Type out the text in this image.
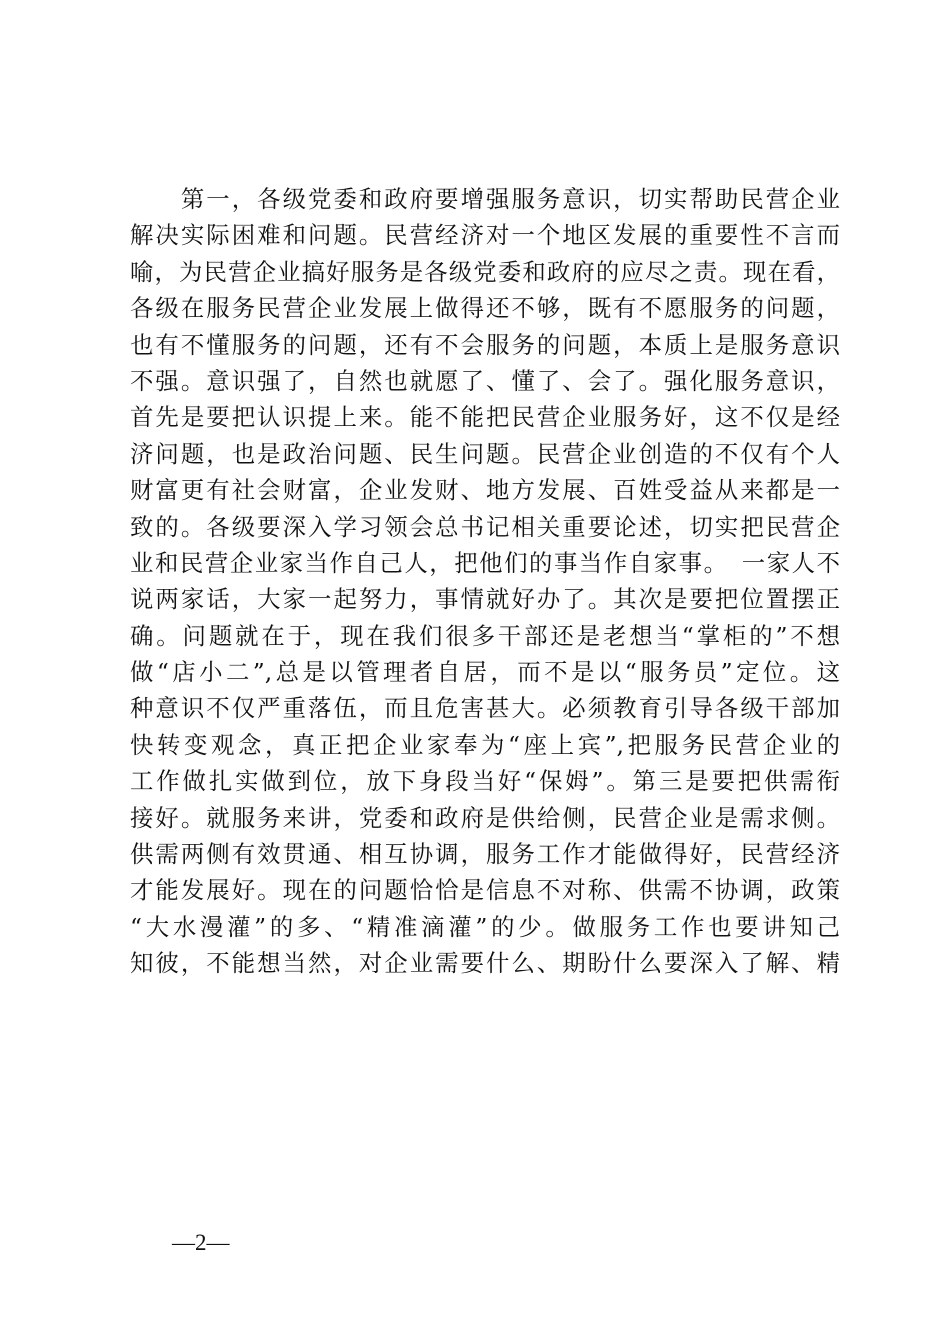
　　第一，各级党委和政府要增强服务意识，切实帮助民营企业
解决实际困难和问题。民营经济对一个地区发展的重要性不言而
喻，为民营企业搞好服务是各级党委和政府的应尽之责。现在看，
各级在服务民营企业发展上做得还不够，既有不愿服务的问题，
也有不懂服务的问题，还有不会服务的问题，本质上是服务意识
不强。意识强了，自然也就愿了、懂了、会了。强化服务意识，
首先是要把认识提上来。能不能把民营企业服务好，这不仅是经
济问题，也是政治问题、民生问题。民营企业创造的不仅有个人
财富更有社会财富，企业发财、地方发展、百姓受益从来都是一
致的。各级要深入学习领会总书记相关重要论述，切实把民营企
业和民营企业家当作自己人，把他们的事当作自家事。　一家人不
说两家话，大家一起努力，事情就好办了。其次是要把位置摆正
确。问题就在于，现在我们很多干部还是老想当“掌柜的”不想
做“店小二”,总是以管理者自居，而不是以“服务员”定位。这
种意识不仅严重落伍，而且危害甚大。必须教育引导各级干部加
快转变观念，真正把企业家奉为“座上宾”,把服务民营企业的
工作做扎实做到位，放下身段当好“保姆”。第三是要把供需衔
接好。就服务来讲，党委和政府是供给侧，民营企业是需求侧。
供需两侧有效贯通、相互协调，服务工作才能做得好，民营经济
才能发展好。现在的问题恰恰是信息不对称、供需不协调，政策
“大水漫灌”的多、“精准滴灌”的少。做服务工作也要讲知己
知彼，不能想当然，对企业需要什么、期盼什么要深入了解、精
—2—
